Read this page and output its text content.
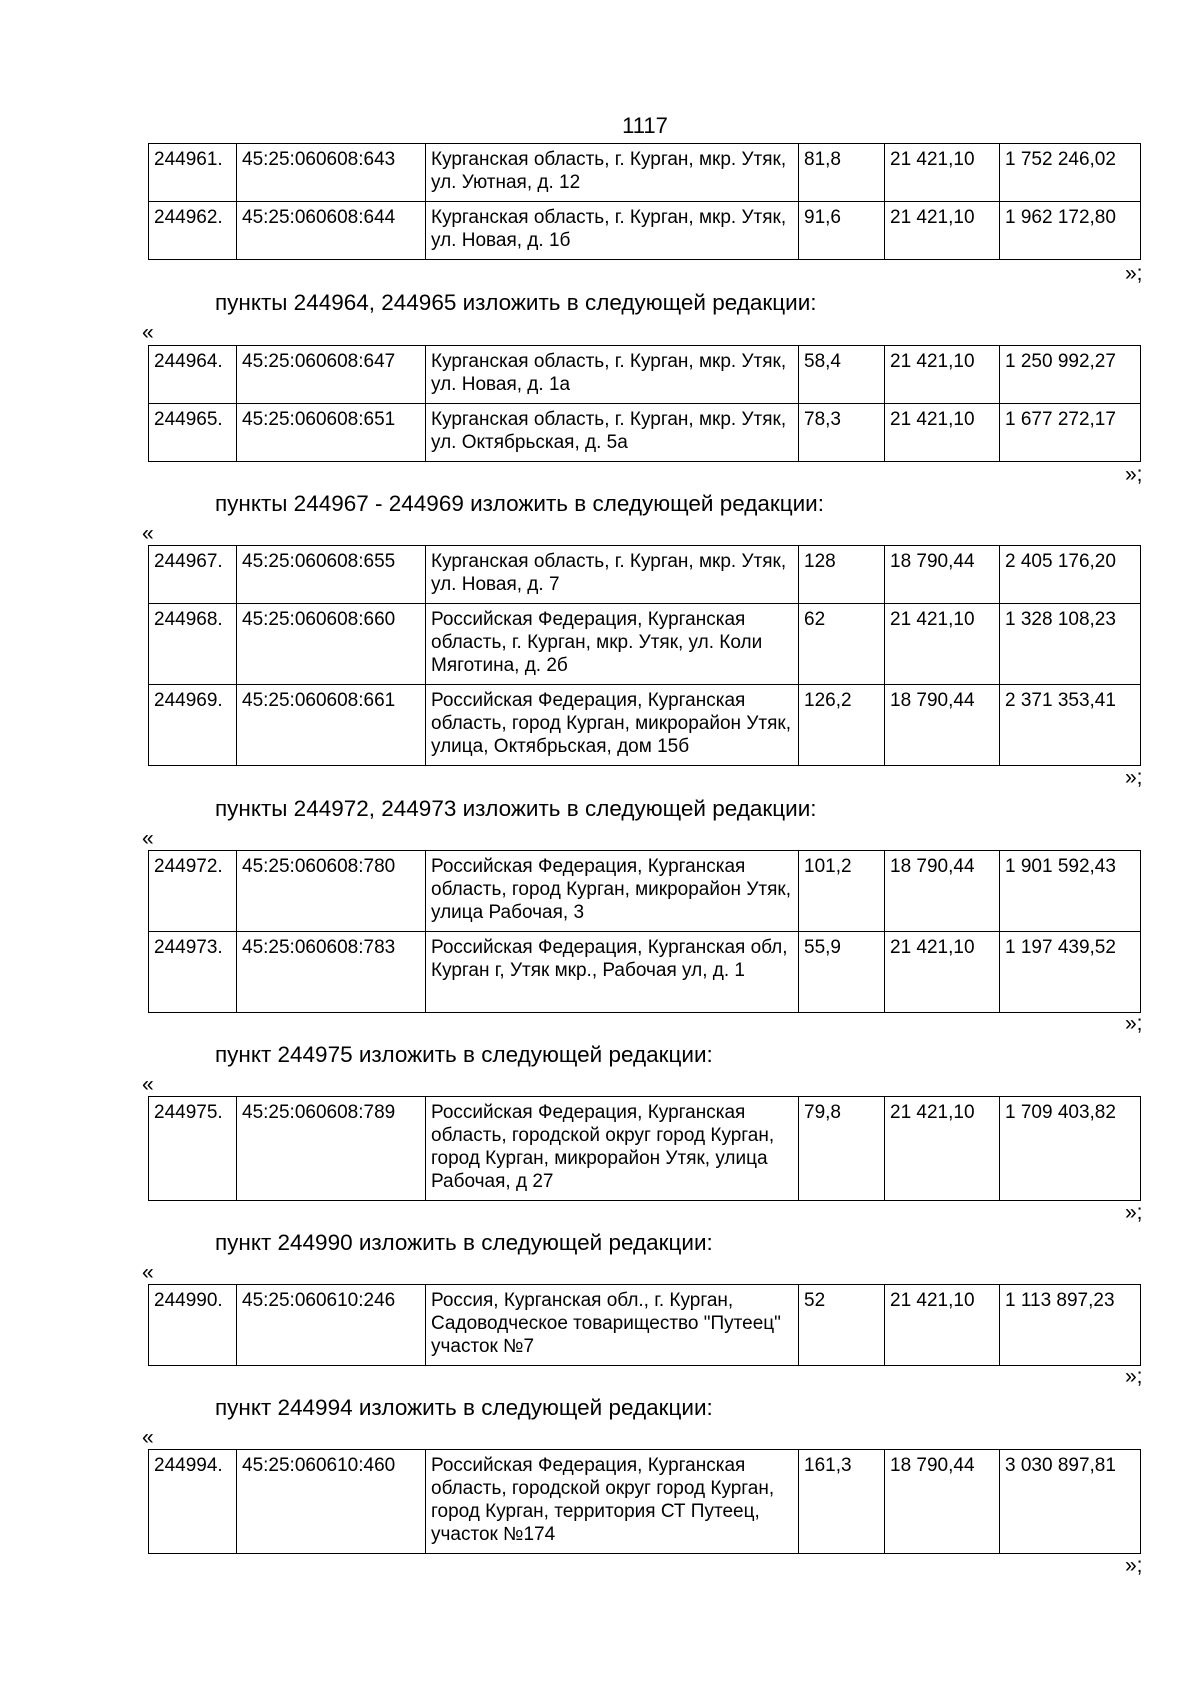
1117
244961.	45:25:060608:643	Курганская область, г. Курган, мкр. Утяк, ул. Уютная, д. 12	81,8	21 421,10	1 752 246,02
244962.	45:25:060608:644	Курганская область, г. Курган, мкр. Утяк, ул. Новая, д. 1б	91,6	21 421,10	1 962 172,80
»;
пункты 244964, 244965 изложить в следующей редакции:
«
244964.	45:25:060608:647	Курганская область, г. Курган, мкр. Утяк, ул. Новая, д. 1а	58,4	21 421,10	1 250 992,27
244965.	45:25:060608:651	Курганская область, г. Курган, мкр. Утяк, ул. Октябрьская, д. 5а	78,3	21 421,10	1 677 272,17
»;
пункты 244967 - 244969 изложить в следующей редакции:
«
244967.	45:25:060608:655	Курганская область, г. Курган, мкр. Утяк, ул. Новая, д. 7	128	18 790,44	2 405 176,20
244968.	45:25:060608:660	Российская Федерация, Курганская область, г. Курган, мкр. Утяк, ул. Коли Мяготина, д. 2б	62	21 421,10	1 328 108,23
244969.	45:25:060608:661	Российская Федерация, Курганская область, город Курган, микрорайон Утяк, улица, Октябрьская, дом 15б	126,2	18 790,44	2 371 353,41
»;
пункты 244972, 244973 изложить в следующей редакции:
«
244972.	45:25:060608:780	Российская Федерация, Курганская область, город Курган, микрорайон Утяк, улица Рабочая, 3	101,2	18 790,44	1 901 592,43
244973.	45:25:060608:783	Российская Федерация, Курганская обл, Курган г, Утяк мкр., Рабочая ул, д. 1	55,9	21 421,10	1 197 439,52
»;
пункт 244975 изложить в следующей редакции:
«
244975.	45:25:060608:789	Российская Федерация, Курганская область, городской округ город Курган, город Курган, микрорайон Утяк, улица Рабочая, д 27	79,8	21 421,10	1 709 403,82
»;
пункт 244990 изложить в следующей редакции:
«
244990.	45:25:060610:246	Россия, Курганская обл., г. Курган, Садоводческое товарищество "Путеец" участок №7	52	21 421,10	1 113 897,23
»;
пункт 244994 изложить в следующей редакции:
«
244994.	45:25:060610:460	Российская Федерация, Курганская область, городской округ город Курган, город Курган, территория СТ Путеец, участок №174	161,3	18 790,44	3 030 897,81
»;
